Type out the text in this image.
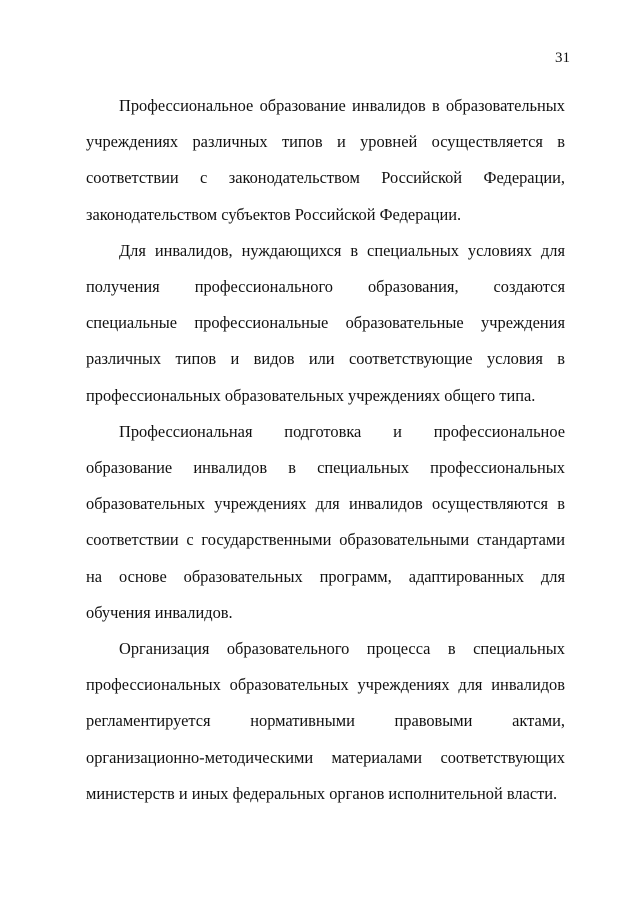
31

Профессиональное образование инвалидов в образовательных учреждениях различных типов и уровней осуществляется в соответствии с законодательством Российской Федерации, законодательством субъектов Российской Федерации.

Для инвалидов, нуждающихся в специальных условиях для получения профессионального образования, создаются специальные профессиональные образовательные учреждения различных типов и видов или соответствующие условия в профессиональных образовательных учреждениях общего типа.

Профессиональная подготовка и профессиональное образование инвалидов в специальных профессиональных образовательных учреждениях для инвалидов осуществляются в соответствии с государственными образовательными стандартами на основе образовательных программ, адаптированных для обучения инвалидов.

Организация образовательного процесса в специальных профессиональных образовательных учреждениях для инвалидов регламентируется нормативными правовыми актами, организационно-методическими материалами соответствующих министерств и иных федеральных органов исполнительной власти.
